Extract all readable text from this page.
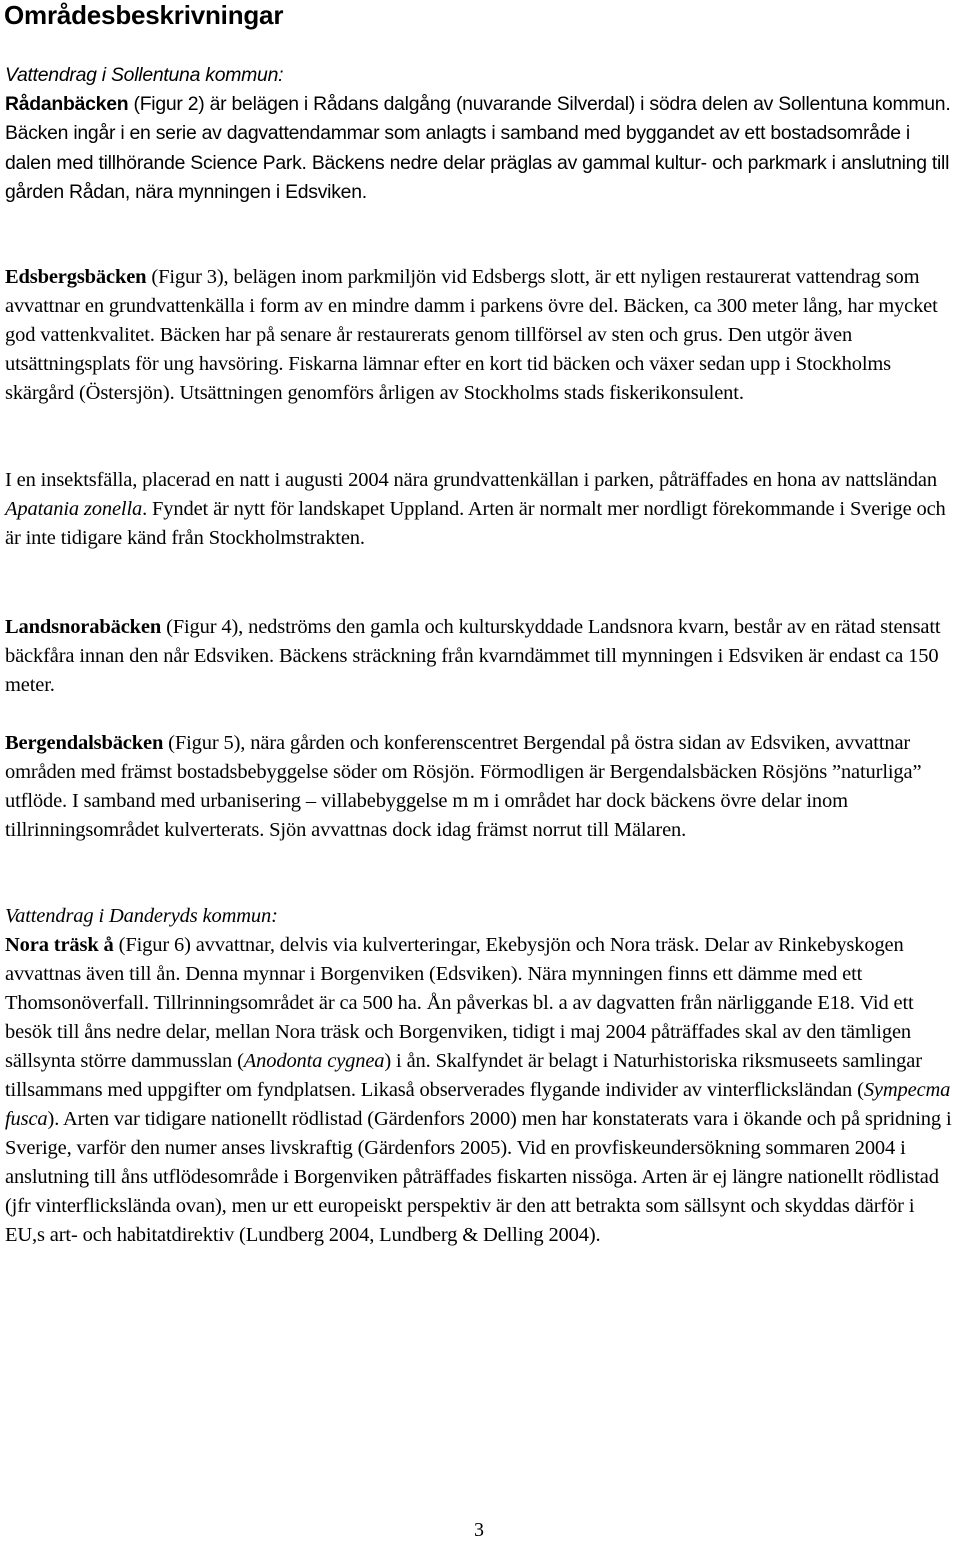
Områdesbeskrivningar

Vattendrag i Sollentuna kommun:
Rådanbäcken (Figur 2) är belägen i Rådans dalgång (nuvarande Silverdal) i södra delen av Sollentuna kommun. Bäcken ingår i en serie av dagvattendammar som anlagts i samband med byggandet av ett bostadsområde i dalen med tillhörande Science Park. Bäckens nedre delar präglas av gammal kultur- och parkmark i anslutning till gården Rådan, nära mynningen i Edsviken.

Edsbergsbäcken (Figur 3), belägen inom parkmiljön vid Edsbergs slott, är ett nyligen restaurerat vattendrag som avvattnar en grundvattenkälla i form av en mindre damm i parkens övre del. Bäcken, ca 300 meter lång, har mycket god vattenkvalitet. Bäcken har på senare år restaurerats genom tillförsel av sten och grus. Den utgör även utsättningsplats för ung havsöring. Fiskarna lämnar efter en kort tid bäcken och växer sedan upp i Stockholms skärgård (Östersjön). Utsättningen genomförs årligen av Stockholms stads fiskerikonsulent.

I en insektsfälla, placerad en natt i augusti 2004 nära grundvattenkällan i parken, påträffades en hona av nattsländan Apatania zonella. Fyndet är nytt för landskapet Uppland. Arten är normalt mer nordligt förekommande i Sverige och är inte tidigare känd från Stockholmstrakten.

Landsnorabäcken (Figur 4), nedströms den gamla och kulturskyddade Landsnora kvarn, består av en rätad stensatt bäckfåra innan den når Edsviken. Bäckens sträckning från kvarndämmet till mynningen i Edsviken är endast ca 150 meter.

Bergendalsbäcken (Figur 5), nära gården och konferenscentret Bergendal på östra sidan av Edsviken, avvattnar områden med främst bostadsbebyggelse söder om Rösjön. Förmodligen är Bergendalsbäcken Rösjöns ”naturliga” utflöde. I samband med urbanisering – villabebyggelse m m i området har dock bäckens övre delar inom tillrinningsområdet kulverterats. Sjön avvattnas dock idag främst norrut till Mälaren.

Vattendrag i Danderyds kommun:
Nora träsk å (Figur 6) avvattnar, delvis via kulverteringar, Ekebysjön och Nora träsk. Delar av Rinkebyskogen avvattnas även till ån. Denna mynnar i Borgenviken (Edsviken). Nära mynningen finns ett dämme med ett Thomsonöverfall. Tillrinningsområdet är ca 500 ha. Ån påverkas bl. a av dagvatten från närliggande E18. Vid ett besök till åns nedre delar, mellan Nora träsk och Borgenviken, tidigt i maj 2004 påträffades skal av den tämligen sällsynta större dammusslan (Anodonta cygnea) i ån. Skalfyndet är belagt i Naturhistoriska riksmuseets samlingar tillsammans med uppgifter om fyndplatsen. Likaså observerades flygande individer av vinterflicksländan (Sympecma fusca). Arten var tidigare nationellt rödlistad (Gärdenfors 2000) men har konstaterats vara i ökande och på spridning i Sverige, varför den numer anses livskraftig (Gärdenfors 2005). Vid en provfiskeundersökning sommaren 2004 i anslutning till åns utflödesområde i Borgenviken påträffades fiskarten nissöga. Arten är ej längre nationellt rödlistad (jfr vinterflickslända ovan), men ur ett europeiskt perspektiv är den att betrakta som sällsynt och skyddas därför i EU,s art- och habitatdirektiv (Lundberg 2004, Lundberg & Delling 2004).

3
